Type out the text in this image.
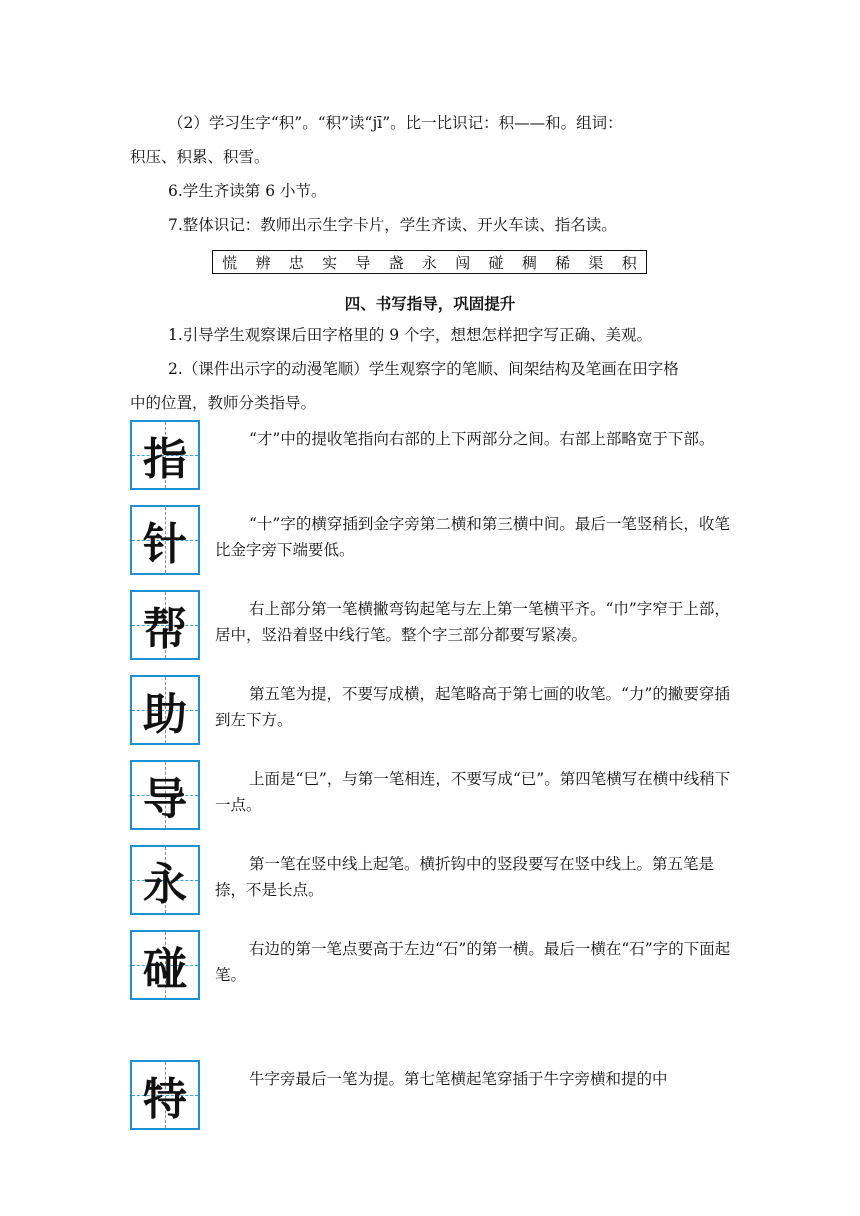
（2）学习生字“积”。“积”读“jī”。比一比识记：积——和。组词：
积压、积累、积雪。
6.学生齐读第 6 小节。
7.整体识记：教师出示生字卡片，学生齐读、开火车读、指名读。
慌 辨 忠 实 导 盏 永 闯 碰 稠 稀 渠 积
四、书写指导，巩固提升
1.引导学生观察课后田字格里的 9 个字，想想怎样把字写正确、美观。
2.（课件出示字的动漫笔顺）学生观察字的笔顺、间架结构及笔画在田字格
中的位置，教师分类指导。
指	“才”中的提收笔指向右部的上下两部分之间。右部上部略宽于下部。
针	“十”字的横穿插到金字旁第二横和第三横中间。最后一笔竖稍长，收笔比金字旁下端要低。
帮	右上部分第一笔横撇弯钩起笔与左上第一笔横平齐。“巾”字窄于上部，居中，竖沿着竖中线行笔。整个字三部分都要写紧凑。
助	第五笔为提，不要写成横，起笔略高于第七画的收笔。“力”的撇要穿插到左下方。
导	上面是“巳”，与第一笔相连，不要写成“已”。第四笔横写在横中线稍下一点。
永	第一笔在竖中线上起笔。横折钩中的竖段要写在竖中线上。第五笔是捺，不是长点。
碰	右边的第一笔点要高于左边“石”的第一横。最后一横在“石”字的下面起笔。
特	牛字旁最后一笔为提。第七笔横起笔穿插于牛字旁横和提的中
